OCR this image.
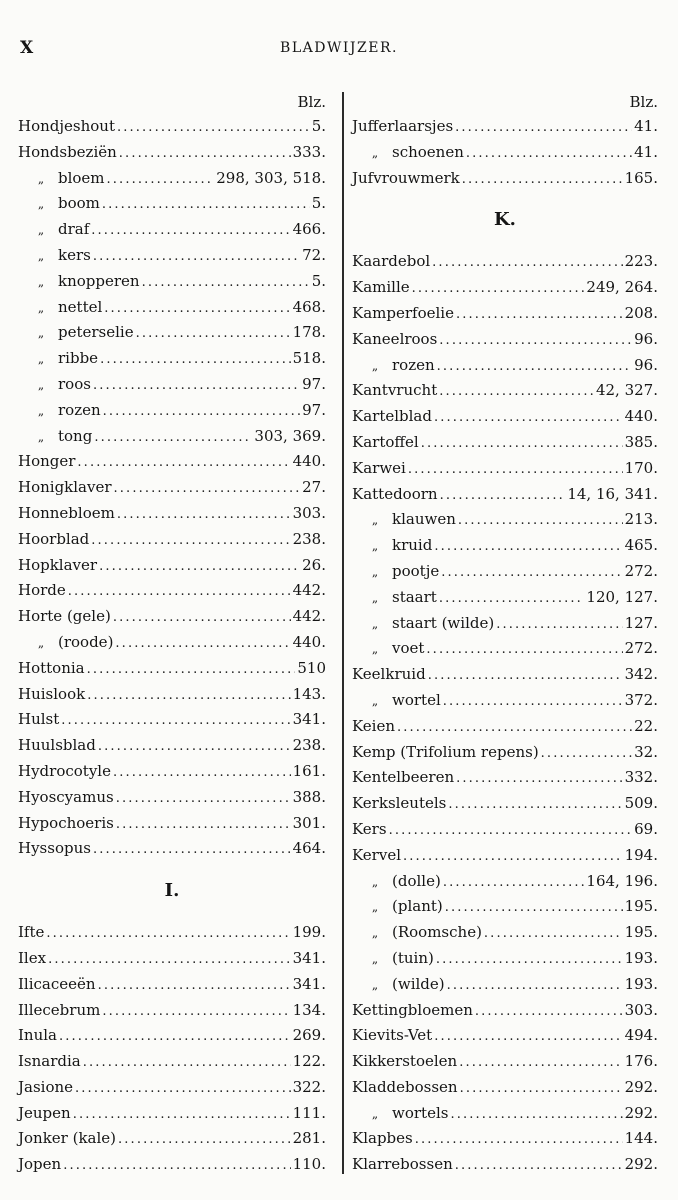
X	BLADWIJZER.
Blz.
Hondjeshout . . .	5.
Hondsbeziën . . .	333.
„ bloem . . .	298, 303, 518.
„ boom . . .	5.
„ draf . . .	466.
„ kers . . .	72.
„ knopperen . . .	5.
„ nettel . . .	468.
„ peterselie . . .	178.
„ ribbe . . .	518.
„ roos . . .	97.
„ rozen . . .	97.
„ tong . . .	303, 369.
Honger . . .	440.
Honigklaver . . .	27.
Honnebloem . . .	303.
Hoorblad . . .	238.
Hopklaver . . .	26.
Horde . . .	442.
Horte (gele) . . .	442.
„ (roode) . . .	440.
Hottonia . . .	510
Huislook . . .	143.
Hulst . . .	341.
Huulsblad . . .	238.
Hydrocotyle . . .	161.
Hyoscyamus . . .	388.
Hypochoeris . . .	301.
Hyssopus . . .	464.
I.
Ifte . . .	199.
Ilex . . .	341.
Ilicaceeën . . .	341.
Illecebrum . . .	134.
Inula . . .	269.
Isnardia . . .	122.
Jasione . . .	322.
Jeupen . . .	111.
Jonker (kale) . . .	281.
Jopen . . .	110.
Blz.
Jufferlaarsjes . . .	41.
„ schoenen . . .	41.
Jufvrouwmerk . . .	165.
K.
Kaardebol . . .	223.
Kamille . . .	249, 264.
Kamperfoelie . . .	208.
Kaneelroos . . .	96.
„ rozen . . .	96.
Kantvrucht . . .	42, 327.
Kartelblad . . .	440.
Kartoffel . . .	385.
Karwei . . .	170.
Kattedoorn . . .	14, 16, 341.
„ klauwen . . .	213.
„ kruid . . .	465.
„ pootje . . .	272.
„ staart . . .	120, 127.
„ staart (wilde) . . .	127.
„ voet . . .	272.
Keelkruid . . .	342.
„ wortel . . .	372.
Keien . . .	22.
Kemp (Trifolium repens) . . .	32.
Kentelbeeren . . .	332.
Kerksleutels . . .	509.
Kers . . .	69.
Kervel . . .	194.
„ (dolle) . . .	164, 196.
„ (plant) . . .	195.
„ (Roomsche) . . .	195.
„ (tuin) . . .	193.
„ (wilde) . . .	193.
Kettingbloemen . . .	303.
Kievits-Vet . . .	494.
Kikkerstoelen . . .	176.
Kladdebossen . . .	292.
„ wortels . . .	292.
Klapbes . . .	144.
Klarrebossen . . .	292.
